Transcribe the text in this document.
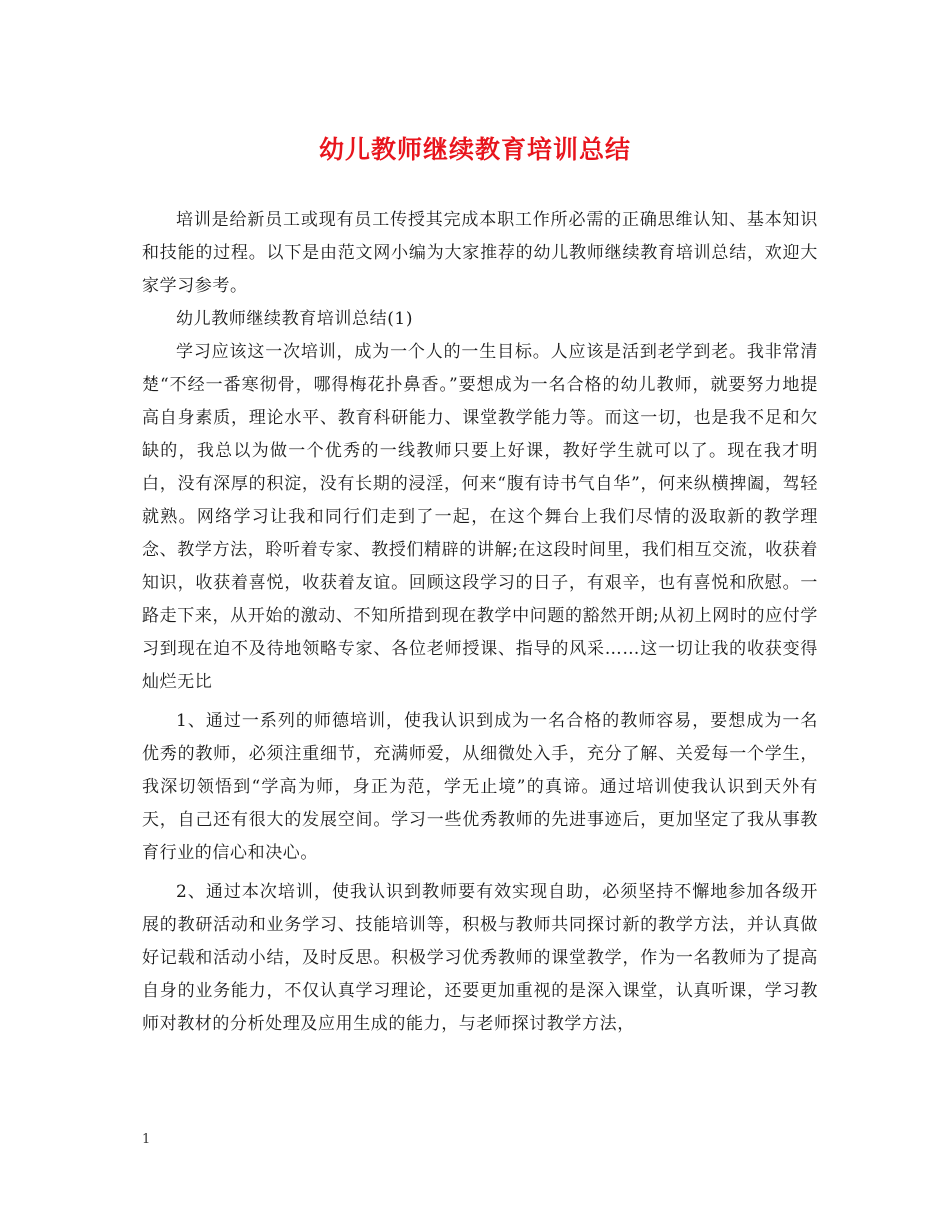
幼儿教师继续教育培训总结

培训是给新员工或现有员工传授其完成本职工作所必需的正确思维认知、基本知识和技能的过程。以下是由范文网小编为大家推荐的幼儿教师继续教育培训总结，欢迎大家学习参考。

幼儿教师继续教育培训总结(1)

学习应该这一次培训，成为一个人的一生目标。人应该是活到老学到老。我非常清楚“不经一番寒彻骨，哪得梅花扑鼻香。”要想成为一名合格的幼儿教师，就要努力地提高自身素质，理论水平、教育科研能力、课堂教学能力等。而这一切，也是我不足和欠缺的，我总以为做一个优秀的一线教师只要上好课，教好学生就可以了。现在我才明白，没有深厚的积淀，没有长期的浸淫，何来“腹有诗书气自华”，何来纵横捭阖，驾轻就熟。网络学习让我和同行们走到了一起，在这个舞台上我们尽情的汲取新的教学理念、教学方法，聆听着专家、教授们精辟的讲解;在这段时间里，我们相互交流，收获着知识，收获着喜悦，收获着友谊。回顾这段学习的日子，有艰辛，也有喜悦和欣慰。一路走下来，从开始的激动、不知所措到现在教学中问题的豁然开朗;从初上网时的应付学习到现在迫不及待地领略专家、各位老师授课、指导的风采……这一切让我的收获变得灿烂无比

1、通过一系列的师德培训，使我认识到成为一名合格的教师容易，要想成为一名优秀的教师，必须注重细节，充满师爱，从细微处入手，充分了解、关爱每一个学生，我深切领悟到“学高为师，身正为范，学无止境”的真谛。通过培训使我认识到天外有天，自己还有很大的发展空间。学习一些优秀教师的先进事迹后，更加坚定了我从事教育行业的信心和决心。

2、通过本次培训，使我认识到教师要有效实现自助，必须坚持不懈地参加各级开展的教研活动和业务学习、技能培训等，积极与教师共同探讨新的教学方法，并认真做好记载和活动小结，及时反思。积极学习优秀教师的课堂教学，作为一名教师为了提高自身的业务能力，不仅认真学习理论，还要更加重视的是深入课堂，认真听课，学习教师对教材的分析处理及应用生成的能力，与老师探讨教学方法，

1
